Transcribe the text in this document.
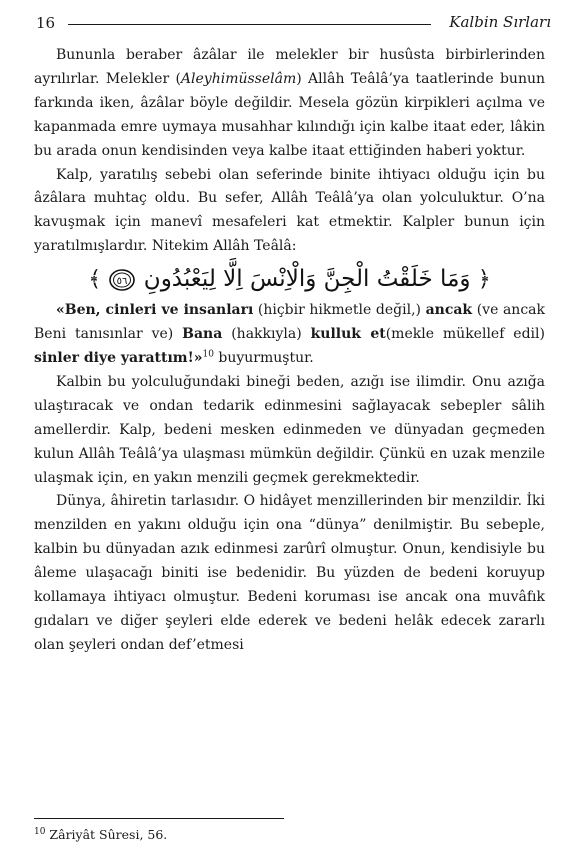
16	Kalbin Sırları

Bununla beraber âzâlar ile melekler bir husûsta birbirlerinden ayrılırlar. Melekler (Aleyhimüsselâm) Allâh Teâlâ’ya taatlerinde bunun farkında iken, âzâlar böyle değildir. Mesela gözün kirpikleri açılma ve kapanmada emre uymaya musahhar kılındığı için kalbe itaat eder, lâkin bu arada onun kendisinden veya kalbe itaat ettiğinden haberi yoktur.

Kalp, yaratılış sebebi olan seferinde binite ihtiyacı olduğu için bu âzâlara muhtaç oldu. Bu sefer, Allâh Teâlâ’ya olan yolculuktur. O’na kavuşmak için manevî mesafeleri kat etmektir. Kalpler bunun için yaratılmışlardır. Nitekim Allâh Teâlâ:

﴿ وَمَا خَلَقْتُ الْجِنَّ وَالْاِنْسَ اِلَّا لِيَعْبُدُونِ
٥٦
﴾

«Ben, cinleri ve insanları (hiçbir hikmetle değil,) ancak (ve ancak Beni tanısınlar ve) Bana (hakkıyla) kulluk et(mekle mükellef edil) sinler diye yarattım!»$^{10}$ buyurmuştur.

Kalbin bu yolculuğundaki bineği beden, azığı ise ilimdir. Onu azığa ulaştıracak ve ondan tedarik edinmesini sağlayacak sebepler sâlih amellerdir. Kalp, bedeni mesken edinmeden ve dünyadan geçmeden kulun Allâh Teâlâ’ya ulaşması mümkün değildir. Çünkü en uzak menzile ulaşmak için, en yakın menzili geçmek gerekmektedir.

Dünya, âhiretin tarlasıdır. O hidâyet menzillerinden bir menzildir. İki menzilden en yakını olduğu için ona “dünya” denilmiştir. Bu sebeple, kalbin bu dünyadan azık edinmesi zarûrî olmuştur. Onun, kendisiyle bu âleme ulaşacağı biniti ise bedenidir. Bu yüzden de bedeni koruyup kollamaya ihtiyacı olmuştur. Bedeni koruması ise ancak ona muvâfık gıdaları ve diğer şeyleri elde ederek ve bedeni helâk edecek zararlı olan şeyleri ondan def’etmesi

$^{10}$ Zâriyât Sûresi, 56.
